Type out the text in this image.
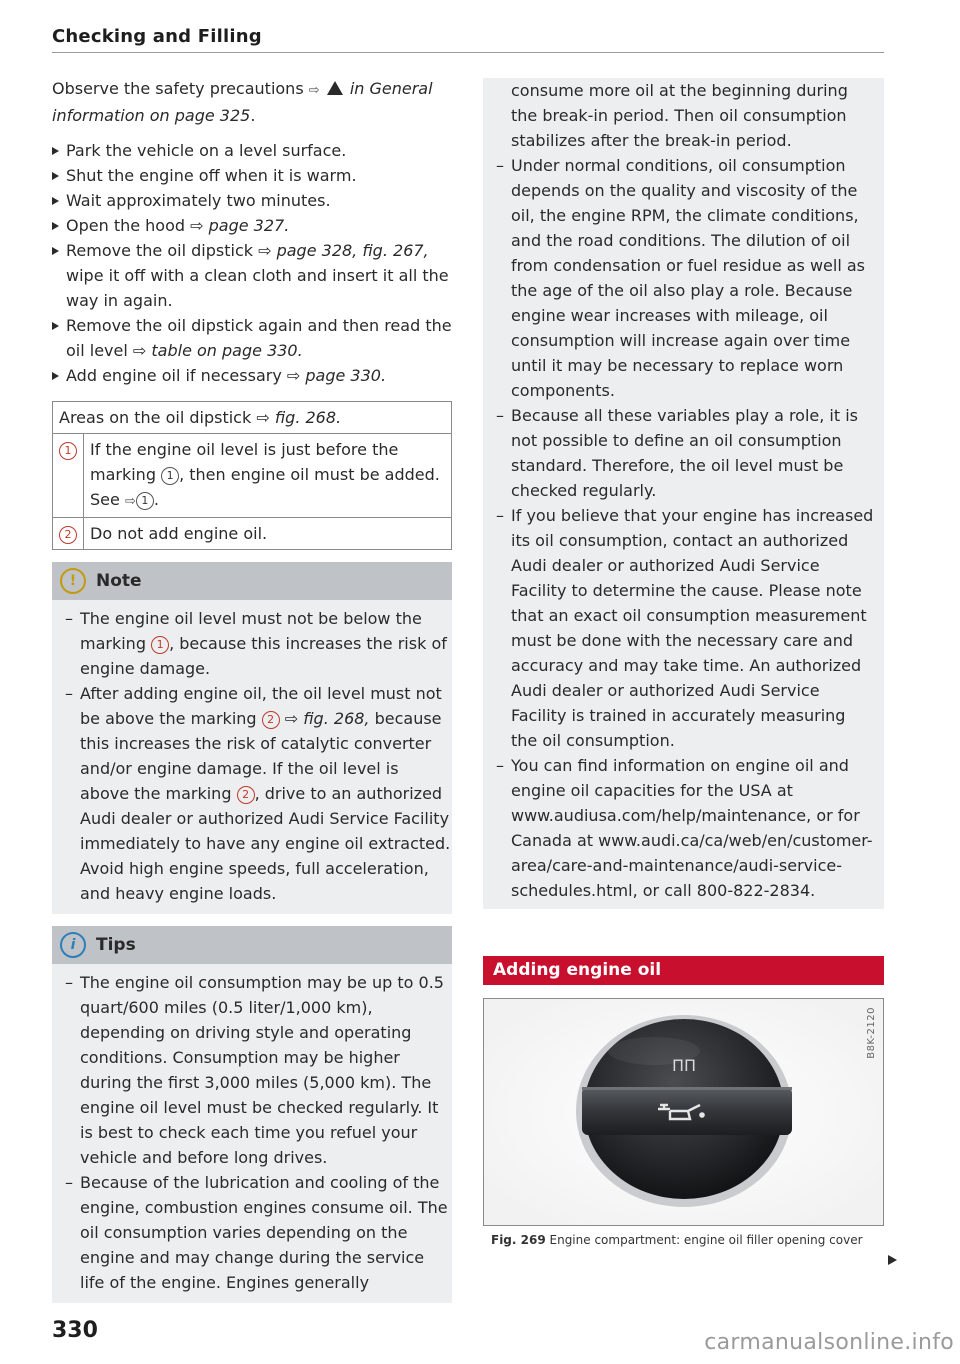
Checking and Filling

Observe the safety precautions ⇨ in General information on page 325.

Park the vehicle on a level surface.
Shut the engine off when it is warm.
Wait approximately two minutes.
Open the hood ⇨ page 327.
Remove the oil dipstick ⇨ page 328, fig. 267, wipe it off with a clean cloth and insert it all the way in again.
Remove the oil dipstick again and then read the oil level ⇨ table on page 330.
Add engine oil if necessary ⇨ page 330.
Areas on the oil dipstick ⇨ fig. 268.	
1	If the engine oil level is just before the marking 1 , then engine oil must be added. See ⇨ 1 .
2	Do not add engine oil.
!	Note
– The engine oil level must not be below the marking 1 , because this increases the risk of engine damage.
– After adding engine oil, the oil level must not be above the marking 2 ⇨ fig. 268, because this increases the risk of catalytic converter and/or engine damage. If the oil level is above the marking 2 , drive to an authorized Audi dealer or authorized Audi Service Facility immediately to have any engine oil extracted. Avoid high engine speeds, full acceleration, and heavy engine loads.
i	Tips
– The engine oil consumption may be up to 0.5 quart/600 miles (0.5 liter/1,000 km), depending on driving style and operating conditions. Consumption may be higher during the first 3,000 miles (5,000 km). The engine oil level must be checked regularly. It is best to check each time you refuel your vehicle and before long drives.
– Because of the lubrication and cooling of the engine, combustion engines consume oil. The oil consumption varies depending on the engine and may change during the service life of the engine. Engines generally

consume more oil at the beginning during the break-in period. Then oil consumption stabilizes after the break-in period.

– Under normal conditions, oil consumption depends on the quality and viscosity of the oil, the engine RPM, the climate conditions, and the road conditions. The dilution of oil from condensation or fuel residue as well as the age of the oil also play a role. Because engine wear increases with mileage, oil consumption will increase again over time until it may be necessary to replace worn components.
– Because all these variables play a role, it is not possible to define an oil consumption standard. Therefore, the oil level must be checked regularly.
– If you believe that your engine has increased its oil consumption, contact an authorized Audi dealer or authorized Audi Service Facility to determine the cause. Please note that an exact oil consumption measurement must be done with the necessary care and accuracy and may take time. An authorized Audi dealer or authorized Audi Service Facility is trained in accurately measuring the oil consumption.
– You can find information on engine oil and engine oil capacities for the USA at www.audiusa.com/help/maintenance, or for Canada at www.audi.ca/ca/web/en/customer-area/care-and-maintenance/audi-service-schedules.html, or call 800-822-2834.
Adding engine oil
B8K-2120
ΠΠ
Fig. 269 Engine compartment: engine oil filler opening cover
330	carmanualsonline.info
